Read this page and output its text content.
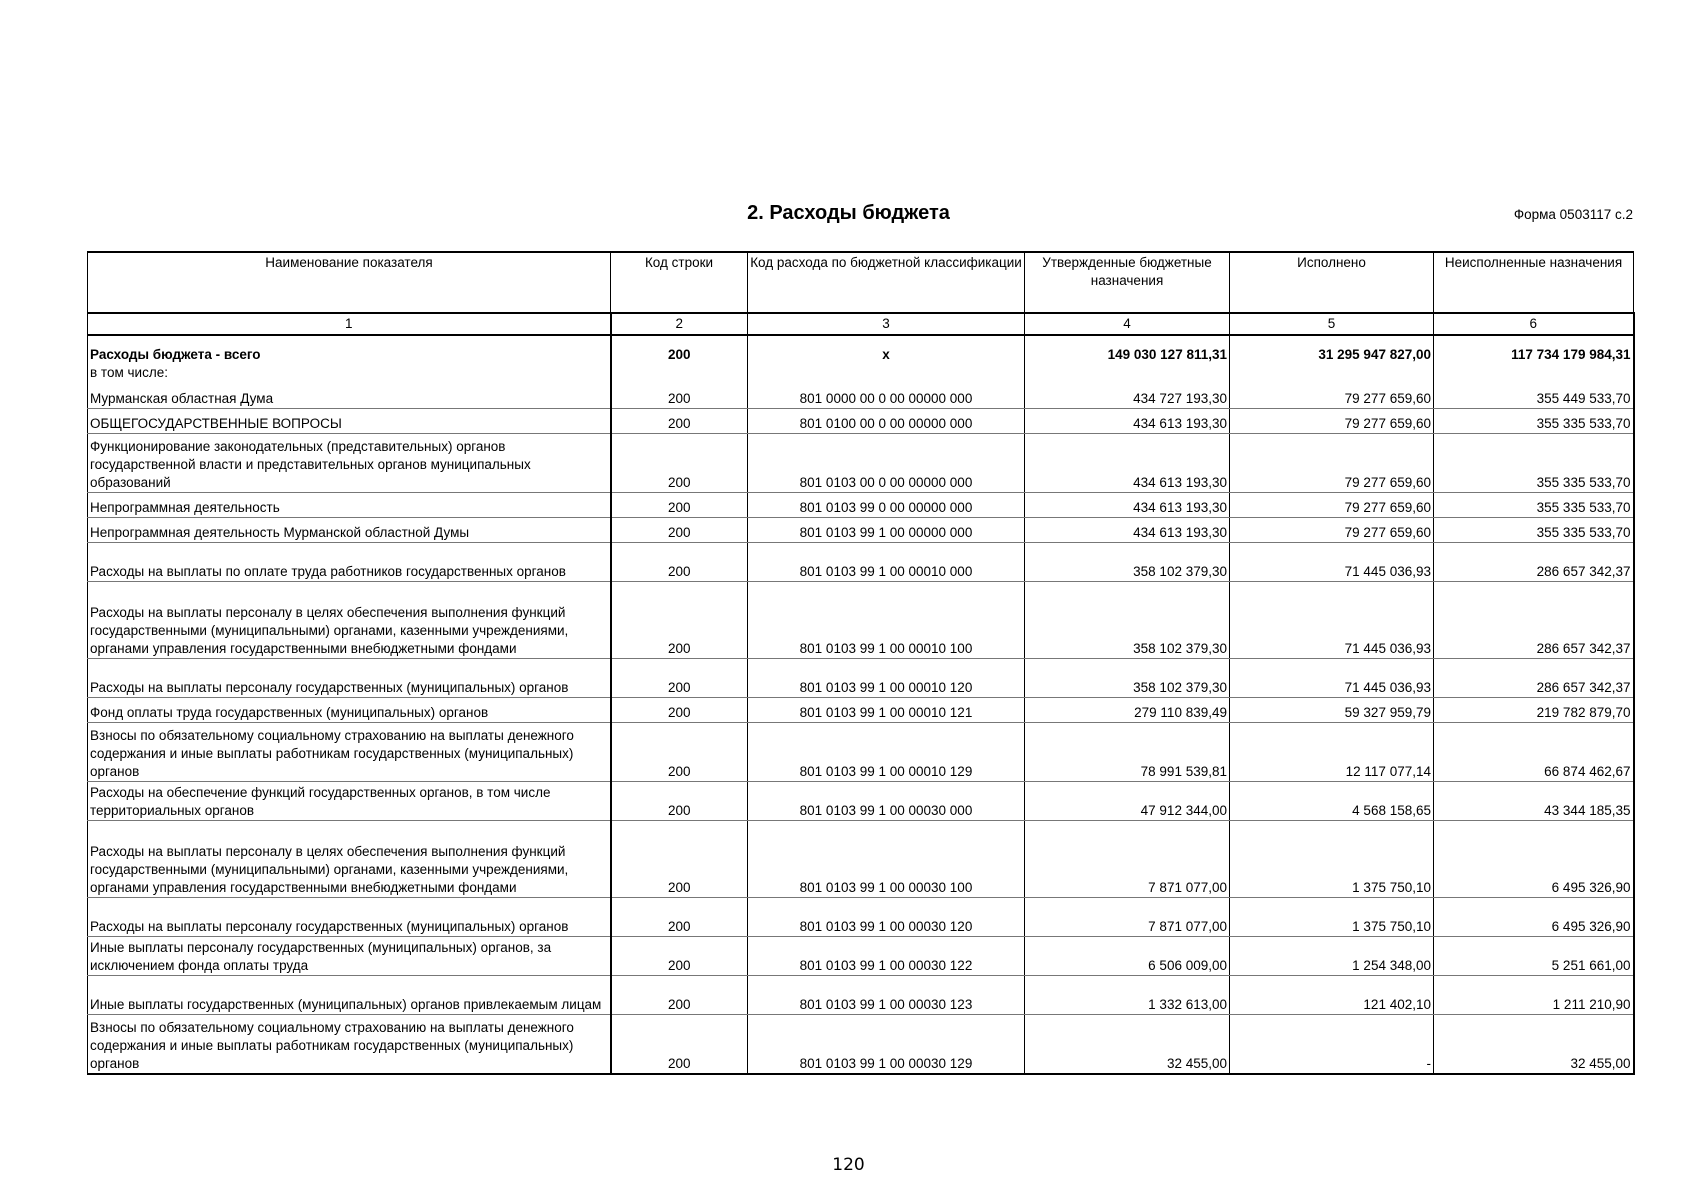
2. Расходы бюджета	Форма 0503117 с.2
Наименование показателя	Код строки	Код расхода по бюджетной классификации	Утвержденные бюджетные назначения	Исполнено	Неисполненные назначения
1	2	3	4	5	6
Расходы бюджета - всего	200	x	149 030 127 811,31	31 295 947 827,00	117 734 179 984,31
в том числе:					
Мурманская областная Дума	200	801 0000 00 0 00 00000 000	434 727 193,30	79 277 659,60	355 449 533,70
ОБЩЕГОСУДАРСТВЕННЫЕ ВОПРОСЫ	200	801 0100 00 0 00 00000 000	434 613 193,30	79 277 659,60	355 335 533,70
Функционирование законодательных (представительных) органов государственной власти и представительных органов муниципальных образований	200	801 0103 00 0 00 00000 000	434 613 193,30	79 277 659,60	355 335 533,70
Непрограммная деятельность	200	801 0103 99 0 00 00000 000	434 613 193,30	79 277 659,60	355 335 533,70
Непрограммная деятельность Мурманской областной Думы	200	801 0103 99 1 00 00000 000	434 613 193,30	79 277 659,60	355 335 533,70
Расходы на выплаты по оплате труда работников государственных органов	200	801 0103 99 1 00 00010 000	358 102 379,30	71 445 036,93	286 657 342,37
Расходы на выплаты персоналу в целях обеспечения выполнения функций государственными (муниципальными) органами, казенными учреждениями, органами управления государственными внебюджетными фондами	200	801 0103 99 1 00 00010 100	358 102 379,30	71 445 036,93	286 657 342,37
Расходы на выплаты персоналу государственных (муниципальных) органов	200	801 0103 99 1 00 00010 120	358 102 379,30	71 445 036,93	286 657 342,37
Фонд оплаты труда государственных (муниципальных) органов	200	801 0103 99 1 00 00010 121	279 110 839,49	59 327 959,79	219 782 879,70
Взносы по обязательному социальному страхованию на выплаты денежного содержания и иные выплаты работникам государственных (муниципальных) органов	200	801 0103 99 1 00 00010 129	78 991 539,81	12 117 077,14	66 874 462,67
Расходы на обеспечение функций государственных органов, в том числе территориальных органов	200	801 0103 99 1 00 00030 000	47 912 344,00	4 568 158,65	43 344 185,35
Расходы на выплаты персоналу в целях обеспечения выполнения функций государственными (муниципальными) органами, казенными учреждениями, органами управления государственными внебюджетными фондами	200	801 0103 99 1 00 00030 100	7 871 077,00	1 375 750,10	6 495 326,90
Расходы на выплаты персоналу государственных (муниципальных) органов	200	801 0103 99 1 00 00030 120	7 871 077,00	1 375 750,10	6 495 326,90
Иные выплаты персоналу государственных (муниципальных) органов, за исключением фонда оплаты труда	200	801 0103 99 1 00 00030 122	6 506 009,00	1 254 348,00	5 251 661,00
Иные выплаты государственных (муниципальных) органов привлекаемым лицам	200	801 0103 99 1 00 00030 123	1 332 613,00	121 402,10	1 211 210,90
Взносы по обязательному социальному страхованию на выплаты денежного содержания и иные выплаты работникам государственных (муниципальных) органов	200	801 0103 99 1 00 00030 129	32 455,00	-	32 455,00
120
